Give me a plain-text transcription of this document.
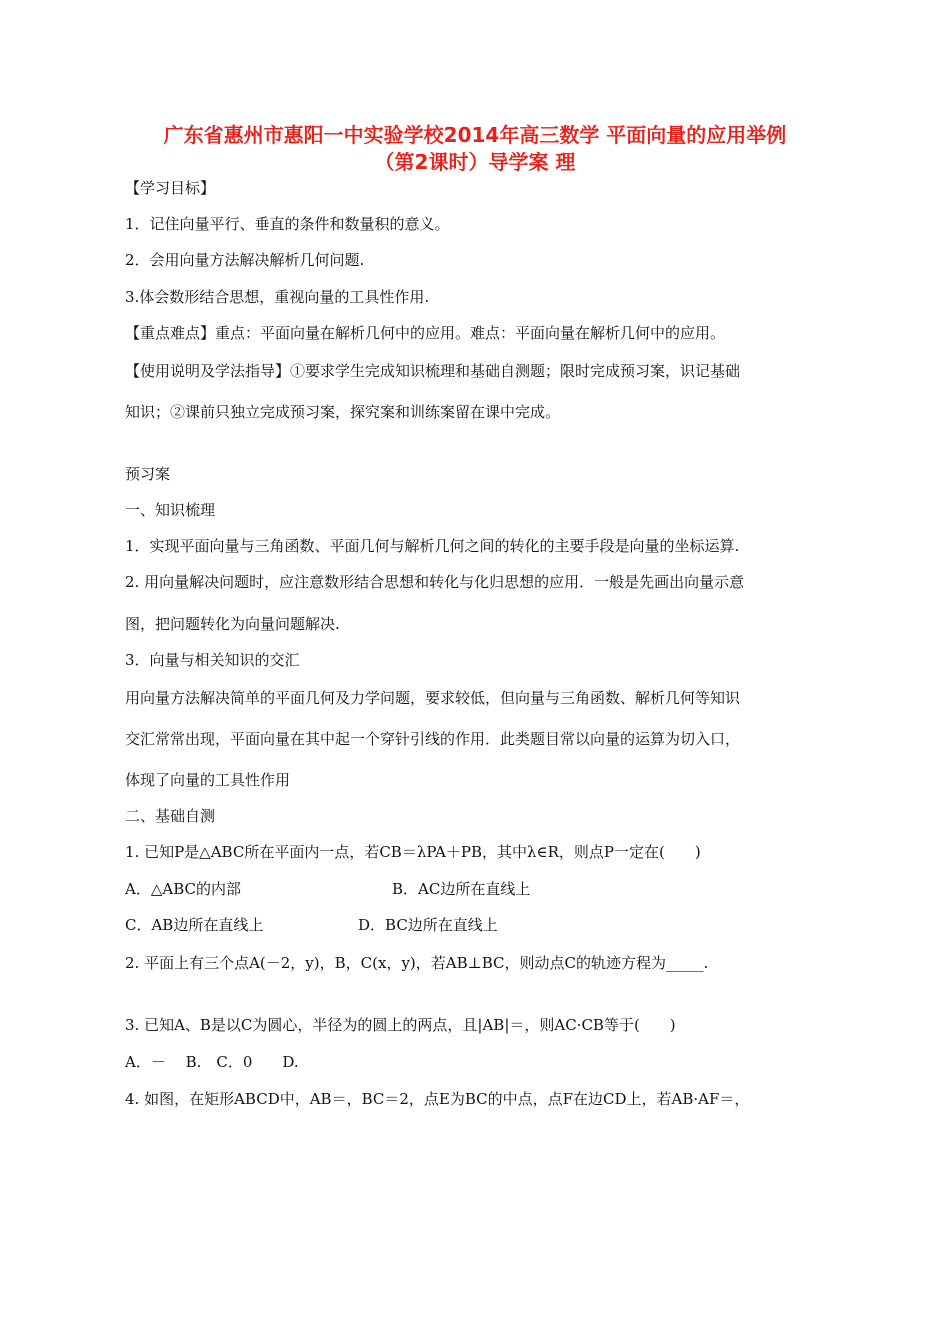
广东省惠州市惠阳一中实验学校2014年高三数学 平面向量的应用举例
（第2课时）导学案 理
【学习目标】
1．记住向量平行、垂直的条件和数量积的意义。
2．会用向量方法解决解析几何问题.
3.体会数形结合思想，重视向量的工具性作用.
【重点难点】重点：平面向量在解析几何中的应用。难点：平面向量在解析几何中的应用。
【使用说明及学法指导】①要求学生完成知识梳理和基础自测题；限时完成预习案，识记基础
知识；②课前只独立完成预习案，探究案和训练案留在课中完成。
预习案
一、知识梳理
1．实现平面向量与三角函数、平面几何与解析几何之间的转化的主要手段是向量的坐标运算.
2. 用向量解决问题时，应注意数形结合思想和转化与化归思想的应用．一般是先画出向量示意
图，把问题转化为向量问题解决.
3．向量与相关知识的交汇
用向量方法解决简单的平面几何及力学问题，要求较低，但向量与三角函数、解析几何等知识
交汇常常出现，平面向量在其中起一个穿针引线的作用．此类题目常以向量的运算为切入口，
体现了向量的工具性作用
二、基础自测
1. 已知P是△ABC所在平面内一点，若CB＝λPA＋PB，其中λ∈R，则点P一定在(　　)
A．△ABC的内部	B．AC边所在直线上
C．AB边所在直线上	D．BC边所在直线上
2. 平面上有三个点A(－2，y)，B，C(x，y)，若AB⊥BC，则动点C的轨迹方程为_____.
3. 已知A、B是以C为圆心，半径为的圆上的两点，且|AB|＝，则AC·CB等于(　　)
A．－　 B.　C．0　　D.
4. 如图，在矩形ABCD中，AB＝，BC＝2，点E为BC的中点，点F在边CD上，若AB·AF＝，
